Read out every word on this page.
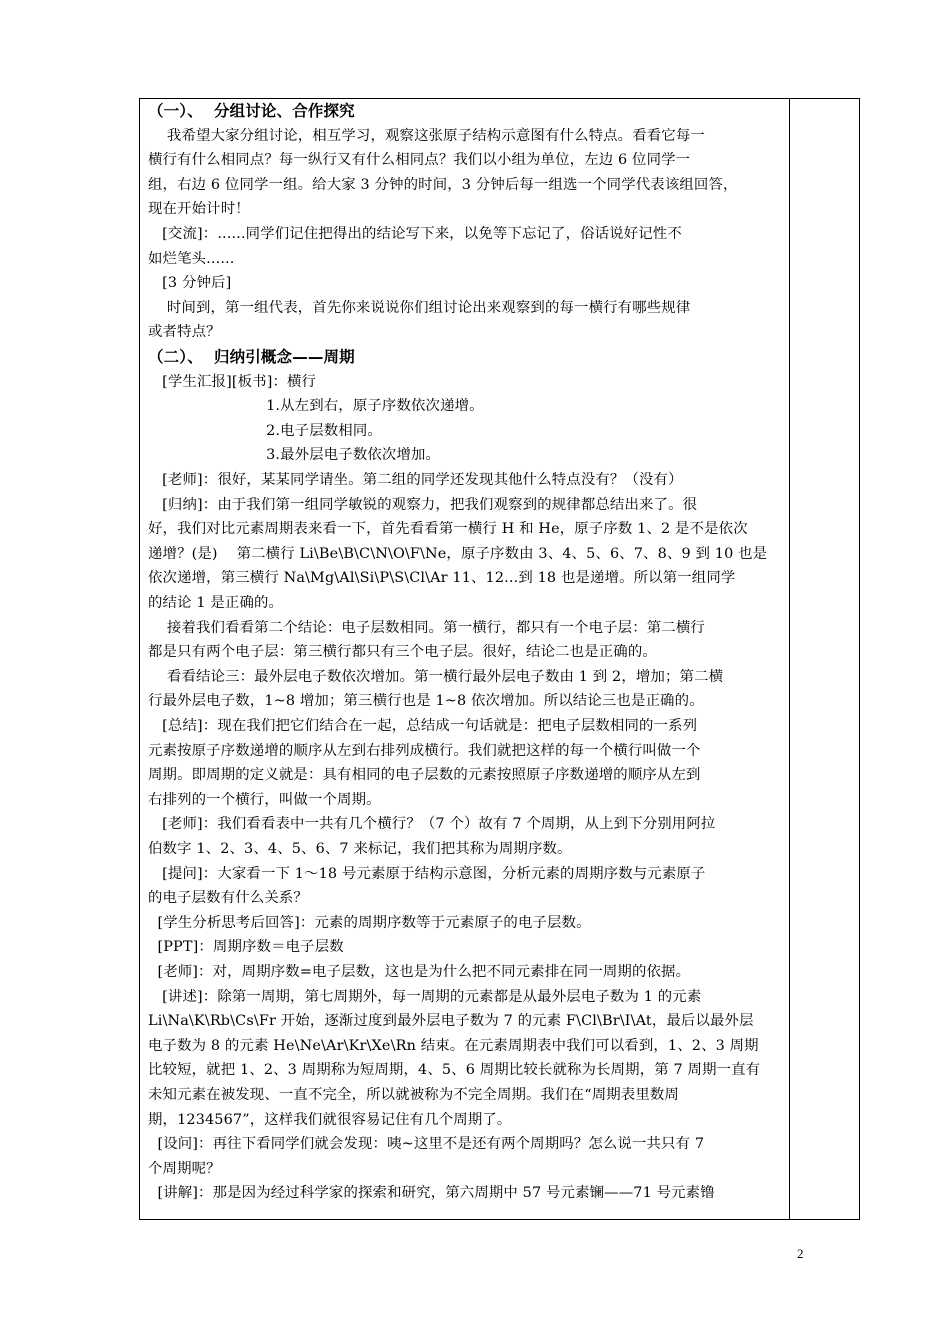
（一）、  分组讨论、合作探究
我希望大家分组讨论，相互学习，观察这张原子结构示意图有什么特点。看看它每一
横行有什么相同点？每一纵行又有什么相同点？我们以小组为单位，左边 6 位同学一
组，右边 6 位同学一组。给大家 3 分钟的时间，3 分钟后每一组选一个同学代表该组回答，
现在开始计时！
[交流]：......同学们记住把得出的结论写下来，以免等下忘记了，俗话说好记性不
如烂笔头......
[3 分钟后]
时间到，第一组代表，首先你来说说你们组讨论出来观察到的每一横行有哪些规律
或者特点？
（二）、  归纳引概念——周期
[学生汇报][板书]：横行
1.从左到右，原子序数依次递增。
2.电子层数相同。
3.最外层电子数依次增加。
[老师]：很好，某某同学请坐。第二组的同学还发现其他什么特点没有？（没有）
[归纳]：由于我们第一组同学敏锐的观察力，把我们观察到的规律都总结出来了。很
好，我们对比元素周期表来看一下，首先看看第一横行 H 和 He，原子序数 1、2 是不是依次
递增？(是)    第二横行 Li\Be\B\C\N\O\F\Ne，原子序数由 3、4、5、6、7、8、9 到 10 也是
依次递增，第三横行 Na\Mg\Al\Si\P\S\Cl\Ar 11、12...到 18 也是递增。所以第一组同学
的结论 1 是正确的。
接着我们看看第二个结论：电子层数相同。第一横行，都只有一个电子层：第二横行
都是只有两个电子层：第三横行都只有三个电子层。很好，结论二也是正确的。
看看结论三：最外层电子数依次增加。第一横行最外层电子数由 1 到 2，增加；第二横
行最外层电子数，1~8 增加；第三横行也是 1~8 依次增加。所以结论三也是正确的。
[总结]：现在我们把它们结合在一起，总结成一句话就是：把电子层数相同的一系列
元素按原子序数递增的顺序从左到右排列成横行。我们就把这样的每一个横行叫做一个
周期。即周期的定义就是：具有相同的电子层数的元素按照原子序数递增的顺序从左到
右排列的一个横行，叫做一个周期。
[老师]：我们看看表中一共有几个横行？（7 个）故有 7 个周期，从上到下分别用阿拉
伯数字 1、2、3、4、5、6、7 来标记，我们把其称为周期序数。
[提问]：大家看一下 1～18 号元素原于结构示意图，分析元素的周期序数与元素原子
的电子层数有什么关系？
[学生分析思考后回答]：元素的周期序数等于元素原子的电子层数。
[PPT]：周期序数＝电子层数
[老师]：对，周期序数=电子层数，这也是为什么把不同元素排在同一周期的依据。
[讲述]：除第一周期，第七周期外，每一周期的元素都是从最外层电子数为 1 的元素
Li\Na\K\Rb\Cs\Fr 开始，逐渐过度到最外层电子数为 7 的元素 F\Cl\Br\I\At，最后以最外层
电子数为 8 的元素 He\Ne\Ar\Kr\Xe\Rn 结束。在元素周期表中我们可以看到，1、2、3 周期
比较短，就把 1、2、3 周期称为短周期，4、5、6 周期比较长就称为长周期，第 7 周期一直有
未知元素在被发现、一直不完全，所以就被称为不完全周期。我们在“周期表里数周
期，1234567”，这样我们就很容易记住有几个周期了。
[设问]：再往下看同学们就会发现：咦~这里不是还有两个周期吗？怎么说一共只有 7
个周期呢？
[讲解]：那是因为经过科学家的探索和研究，第六周期中 57 号元素镧——71 号元素镥
2
